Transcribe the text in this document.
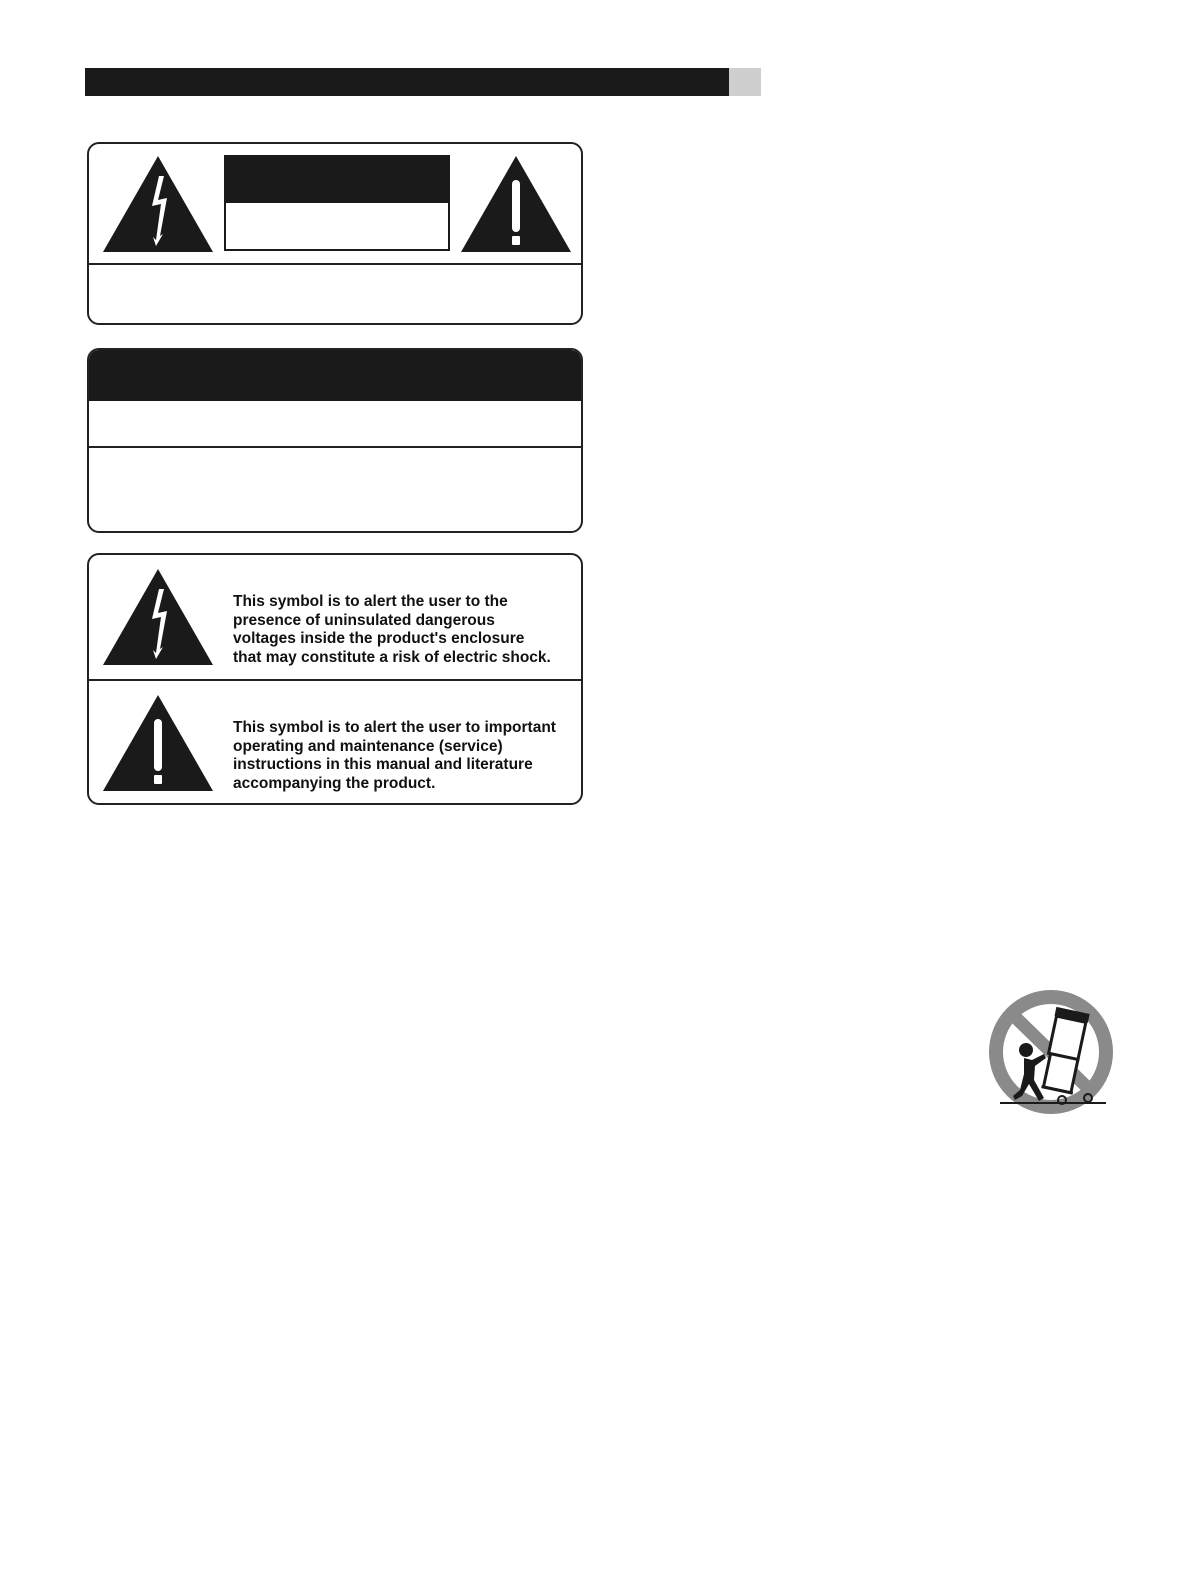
This symbol is to alert the user to the
presence of uninsulated dangerous
voltages inside the product's enclosure
that may constitute a risk of electric shock.
This symbol is to alert the user to important
operating and maintenance (service)
instructions in this manual and literature
accompanying the product.
